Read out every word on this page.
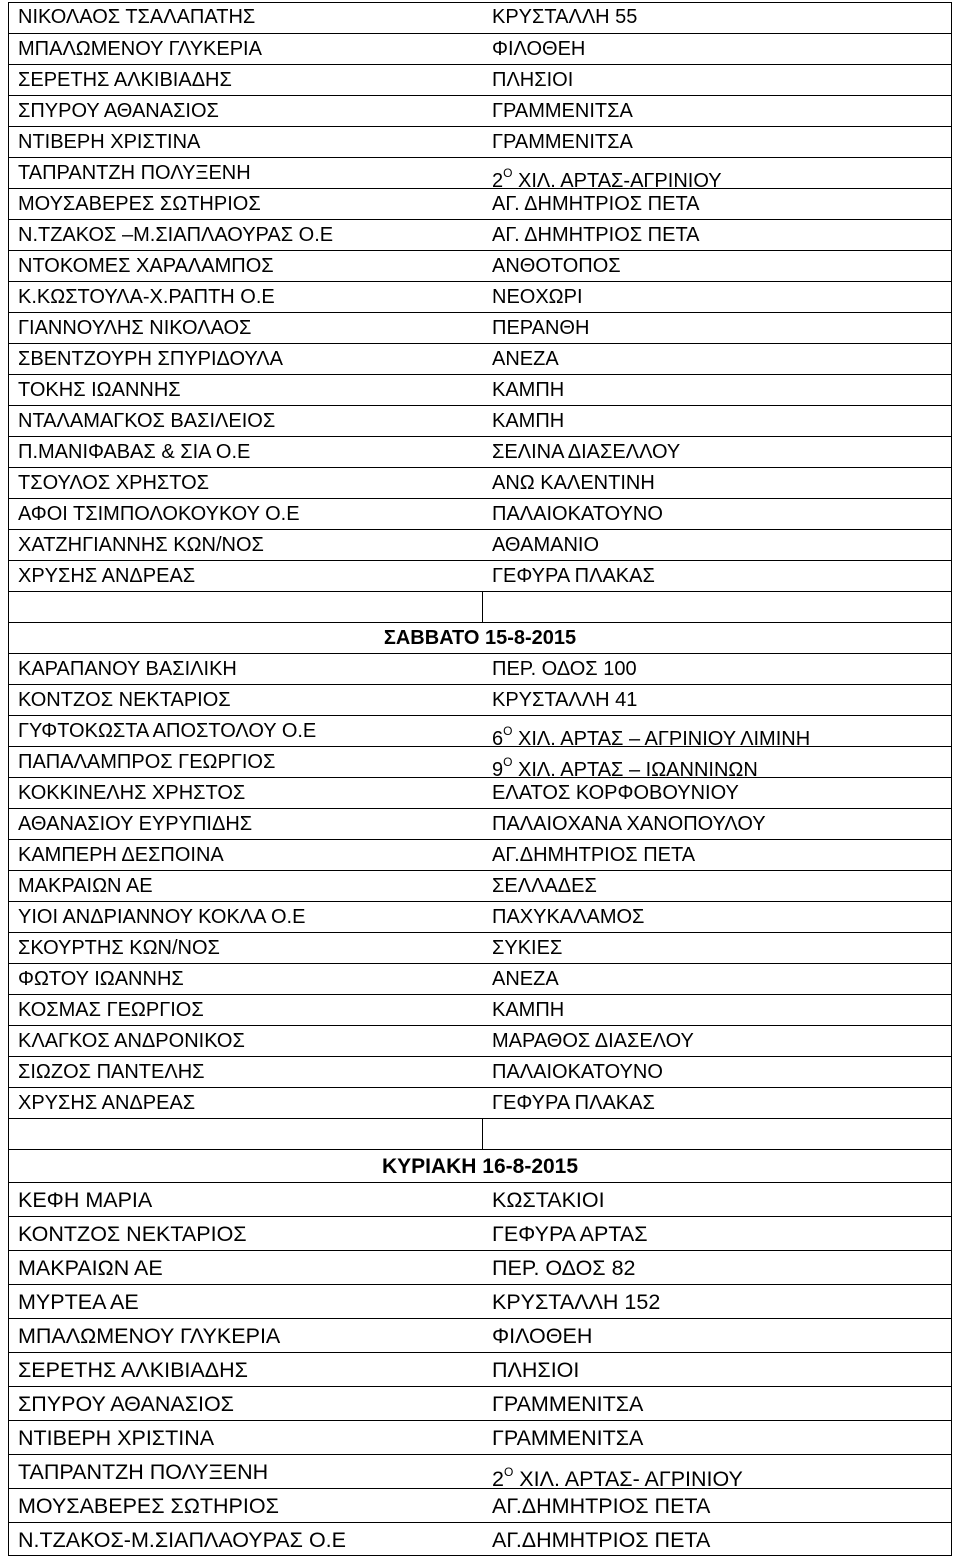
ΝΙΚΟΛΑΟΣ ΤΣΑΛΑΠΑΤΗΣ	ΚΡΥΣΤΑΛΛΗ 55
ΜΠΑΛΩΜΕΝΟΥ ΓΛΥΚΕΡΙΑ	ΦΙΛΟΘΕΗ
ΣΕΡΕΤΗΣ ΑΛΚΙΒΙΑΔΗΣ	ΠΛΗΣΙΟΙ
ΣΠΥΡΟΥ ΑΘΑΝΑΣΙΟΣ	ΓΡΑΜΜΕΝΙΤΣΑ
ΝΤΙΒΕΡΗ ΧΡΙΣΤΙΝΑ	ΓΡΑΜΜΕΝΙΤΣΑ
ΤΑΠΡΑΝΤΖΗ ΠΟΛΥΞΕΝΗ	$2^O$ ΧΙΛ. ΑΡΤΑΣ-ΑΓΡΙΝΙΟΥ
ΜΟΥΣΑΒΕΡΕΣ ΣΩΤΗΡΙΟΣ	ΑΓ. ΔΗΜΗΤΡΙΟΣ ΠΕΤΑ
Ν.ΤΖΑΚΟΣ –Μ.ΣΙΑΠΛΑΟΥΡΑΣ Ο.Ε	ΑΓ. ΔΗΜΗΤΡΙΟΣ ΠΕΤΑ
ΝΤΟΚΟΜΕΣ ΧΑΡΑΛΑΜΠΟΣ	ΑΝΘΟΤΟΠΟΣ
Κ.ΚΩΣΤΟΥΛΑ-Χ.ΡΑΠΤΗ Ο.Ε	ΝΕΟΧΩΡΙ
ΓΙΑΝΝΟΥΛΗΣ ΝΙΚΟΛΑΟΣ	ΠΕΡΑΝΘΗ
ΣΒΕΝΤΖΟΥΡΗ ΣΠΥΡΙΔΟΥΛΑ	ΑΝΕΖΑ
ΤΟΚΗΣ ΙΩΑΝΝΗΣ	ΚΑΜΠΗ
ΝΤΑΛΑΜΑΓΚΟΣ ΒΑΣΙΛΕΙΟΣ	ΚΑΜΠΗ
Π.ΜΑΝΙΦΑΒΑΣ & ΣΙΑ Ο.Ε	ΣΕΛΙΝΑ ΔΙΑΣΕΛΛΟΥ
ΤΣΟΥΛΟΣ ΧΡΗΣΤΟΣ	ΑΝΩ ΚΑΛΕΝΤΙΝΗ
ΑΦΟΙ ΤΣΙΜΠΟΛΟΚΟΥΚΟΥ Ο.Ε	ΠΑΛΑΙΟΚΑΤΟΥΝΟ
ΧΑΤΖΗΓΙΑΝΝΗΣ ΚΩΝ/ΝΟΣ	ΑΘΑΜΑΝΙΟ
ΧΡΥΣΗΣ ΑΝΔΡΕΑΣ	ΓΕΦΥΡΑ ΠΛΑΚΑΣ
ΣΑΒΒΑΤΟ 15-8-2015
ΚΑΡΑΠΑΝΟΥ ΒΑΣΙΛΙΚΗ	ΠΕΡ. ΟΔΟΣ 100
ΚΟΝΤΖΟΣ ΝΕΚΤΑΡΙΟΣ	ΚΡΥΣΤΑΛΛΗ 41
ΓΥΦΤΟΚΩΣΤΑ ΑΠΟΣΤΟΛΟΥ Ο.Ε	$6^O$ ΧΙΛ. ΑΡΤΑΣ – ΑΓΡΙΝΙΟΥ ΛΙΜΙΝΗ
ΠΑΠΑΛΑΜΠΡΟΣ ΓΕΩΡΓΙΟΣ	$9^O$ ΧΙΛ. ΑΡΤΑΣ – ΙΩΑΝΝΙΝΩΝ
ΚΟΚΚΙΝΕΛΗΣ ΧΡΗΣΤΟΣ	ΕΛΑΤΟΣ ΚΟΡΦΟΒΟΥΝΙΟΥ
ΑΘΑΝΑΣΙΟΥ ΕΥΡΥΠΙΔΗΣ	ΠΑΛΑΙΟΧΑΝΑ ΧΑΝΟΠΟΥΛΟΥ
ΚΑΜΠΕΡΗ ΔΕΣΠΟΙΝΑ	ΑΓ.ΔΗΜΗΤΡΙΟΣ ΠΕΤΑ
ΜΑΚΡΑΙΩΝ ΑΕ	ΣΕΛΛΑΔΕΣ
ΥΙΟΙ ΑΝΔΡΙΑΝΝΟΥ ΚΟΚΛΑ Ο.Ε	ΠΑΧΥΚΑΛΑΜΟΣ
ΣΚΟΥΡΤΗΣ ΚΩΝ/ΝΟΣ	ΣΥΚΙΕΣ
ΦΩΤΟΥ ΙΩΑΝΝΗΣ	ΑΝΕΖΑ
ΚΟΣΜΑΣ ΓΕΩΡΓΙΟΣ	ΚΑΜΠΗ
ΚΛΑΓΚΟΣ ΑΝΔΡΟΝΙΚΟΣ	ΜΑΡΑΘΟΣ ΔΙΑΣΕΛΟΥ
ΣΙΩΖΟΣ ΠΑΝΤΕΛΗΣ	ΠΑΛΑΙΟΚΑΤΟΥΝΟ
ΧΡΥΣΗΣ ΑΝΔΡΕΑΣ	ΓΕΦΥΡΑ ΠΛΑΚΑΣ
ΚΥΡΙΑΚΗ 16-8-2015
ΚΕΦΗ ΜΑΡΙΑ	ΚΩΣΤΑΚΙΟΙ
ΚΟΝΤΖΟΣ ΝΕΚΤΑΡΙΟΣ	ΓΕΦΥΡΑ ΑΡΤΑΣ
ΜΑΚΡΑΙΩΝ ΑΕ	ΠΕΡ. ΟΔΟΣ 82
ΜΥΡΤΕΑ ΑΕ	ΚΡΥΣΤΑΛΛΗ 152
ΜΠΑΛΩΜΕΝΟΥ ΓΛΥΚΕΡΙΑ	ΦΙΛΟΘΕΗ
ΣΕΡΕΤΗΣ ΑΛΚΙΒΙΑΔΗΣ	ΠΛΗΣΙΟΙ
ΣΠΥΡΟΥ ΑΘΑΝΑΣΙΟΣ	ΓΡΑΜΜΕΝΙΤΣΑ
ΝΤΙΒΕΡΗ ΧΡΙΣΤΙΝΑ	ΓΡΑΜΜΕΝΙΤΣΑ
ΤΑΠΡΑΝΤΖΗ ΠΟΛΥΞΕΝΗ	$2^O$ ΧΙΛ. ΑΡΤΑΣ- ΑΓΡΙΝΙΟΥ
ΜΟΥΣΑΒΕΡΕΣ ΣΩΤΗΡΙΟΣ	ΑΓ.ΔΗΜΗΤΡΙΟΣ ΠΕΤΑ
Ν.ΤΖΑΚΟΣ-Μ.ΣΙΑΠΛΑΟΥΡΑΣ Ο.Ε	ΑΓ.ΔΗΜΗΤΡΙΟΣ ΠΕΤΑ
